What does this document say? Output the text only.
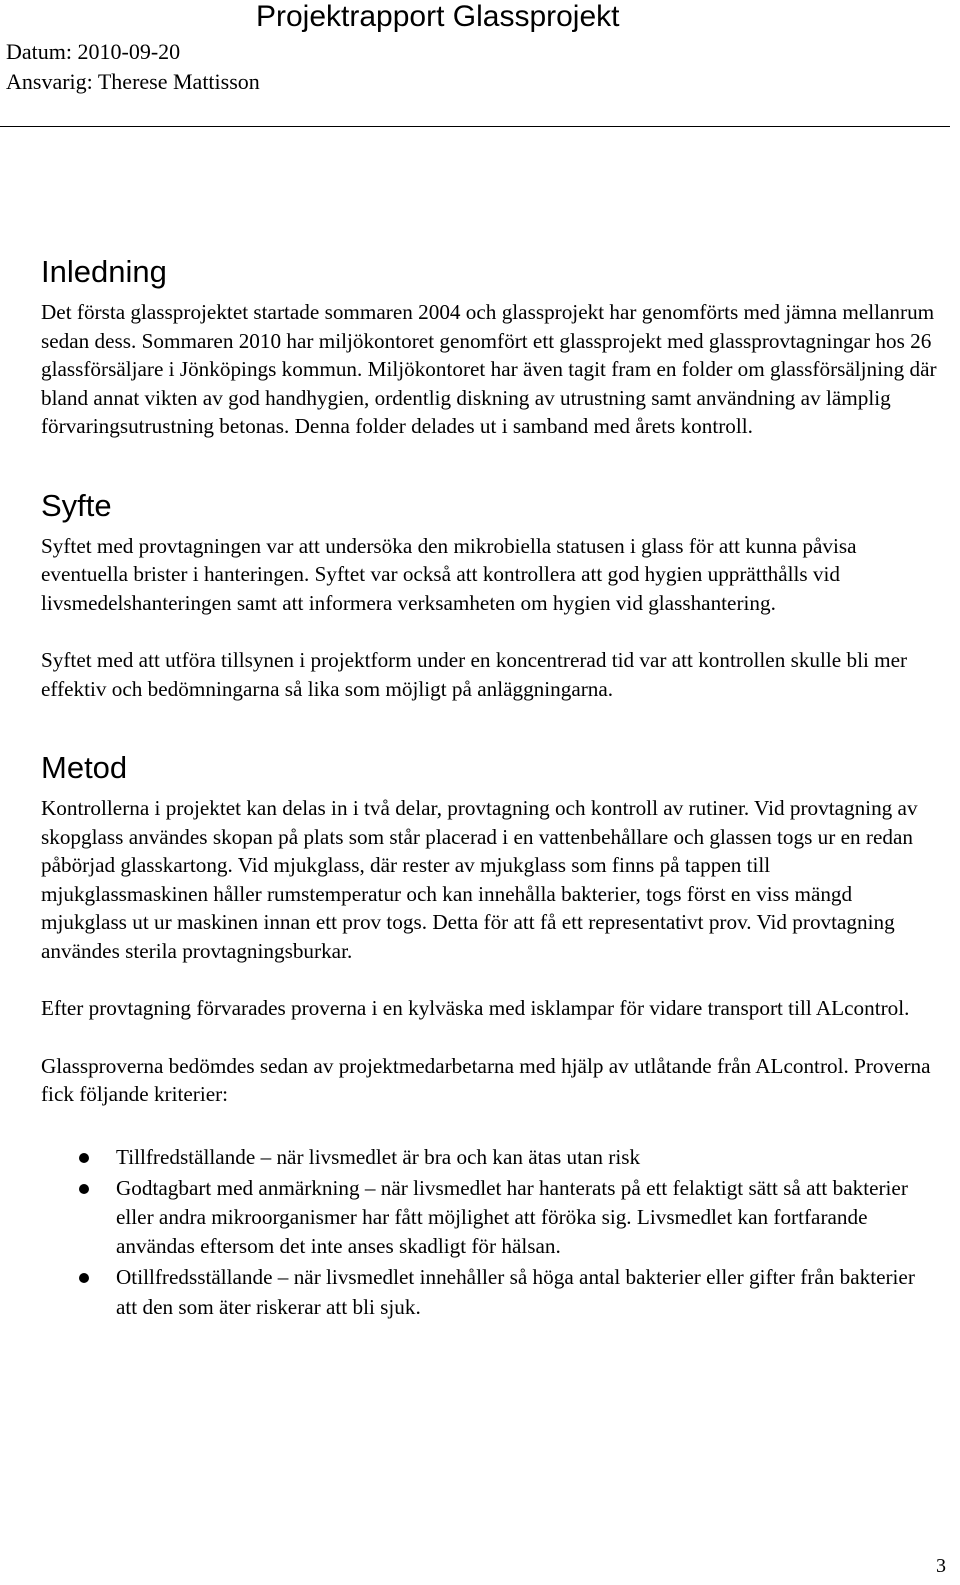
Projektrapport Glassprojekt
Datum: 2010-09-20
Ansvarig: Therese Mattisson
Inledning

Det första glassprojektet startade sommaren 2004 och glassprojekt har genomförts med jämna mellanrum sedan dess. Sommaren 2010 har miljökontoret genomfört ett glassprojekt med glassprovtagningar hos 26 glassförsäljare i Jönköpings kommun. Miljökontoret har även tagit fram en folder om glassförsäljning där bland annat vikten av god handhygien, ordentlig diskning av utrustning samt användning av lämplig förvaringsutrustning betonas. Denna folder delades ut i samband med årets kontroll.

Syfte

Syftet med provtagningen var att undersöka den mikrobiella statusen i glass för att kunna påvisa eventuella brister i hanteringen. Syftet var också att kontrollera att god hygien upprätthålls vid livsmedelshanteringen samt att informera verksamheten om hygien vid glasshantering.

Syftet med att utföra tillsynen i projektform under en koncentrerad tid var att kontrollen skulle bli mer effektiv och bedömningarna så lika som möjligt på anläggningarna.

Metod

Kontrollerna i projektet kan delas in i två delar, provtagning och kontroll av rutiner. Vid provtagning av skopglass användes skopan på plats som står placerad i en vattenbehållare och glassen togs ur en redan påbörjad glasskartong. Vid mjukglass, där rester av mjukglass som finns på tappen till mjukglassmaskinen håller rumstemperatur och kan innehålla bakterier, togs först en viss mängd mjukglass ut ur maskinen innan ett prov togs. Detta för att få ett representativt prov. Vid provtagning användes sterila provtagningsburkar.

Efter provtagning förvarades proverna i en kylväska med isklampar för vidare transport till ALcontrol.

Glassproverna bedömdes sedan av projektmedarbetarna med hjälp av utlåtande från ALcontrol. Proverna fick följande kriterier:

Tillfredställande – när livsmedlet är bra och kan ätas utan risk
Godtagbart med anmärkning – när livsmedlet har hanterats på ett felaktigt sätt så att bakterier eller andra mikroorganismer har fått möjlighet att föröka sig. Livsmedlet kan fortfarande användas eftersom det inte anses skadligt för hälsan.
Otillfredsställande – när livsmedlet innehåller så höga antal bakterier eller gifter från bakterier att den som äter riskerar att bli sjuk.
3
